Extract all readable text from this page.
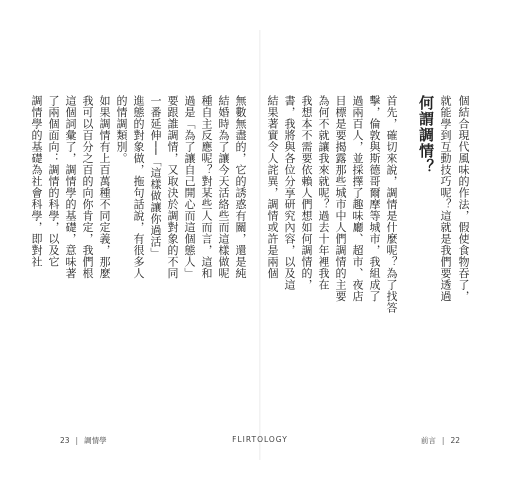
個結合現代風味的作法，假使食物吞了，
就能學到互動技巧呢？這就是我們要透過
何謂調情？
首先，確切來說，調情是什麼呢？為了找答
擊，倫敦與斯德哥爾摩等城市，我組成了
過兩百人，並採擇了趣味廳、超市、夜店
目標是要揭露那些城市中人們調情的主要
為何不就讓我來就呢？過去十年裡我在
我想本不需要依賴人們想如何調情的，
書，我將與各位分享研究內容，以及這
結果著實令人詫異，調情或許是兩個
無數無盡的，它的誘惑有關，還是純
結婚時為了讓今天活絡些而這樣做呢
種自主反應呢？對某些人而言，這和
過是「為了讓自己開心而這個態人」
要跟誰調情，又取決於調對象的不同
一番延伸──「這樣做讓你過活」
進態的對象做，拖句話說，有很多人
的情調類別。
如果調情有上百萬種不同定義，那麼
我可以百分之百的向你肯定，我們根
這個詞彙了，調情學的基礎，意味著
了兩個面向：調情的科學，以及它
調情學的基礎為社會科學，即對社
23 | 調情學	FLIRTOLOGY	前言 | 22
